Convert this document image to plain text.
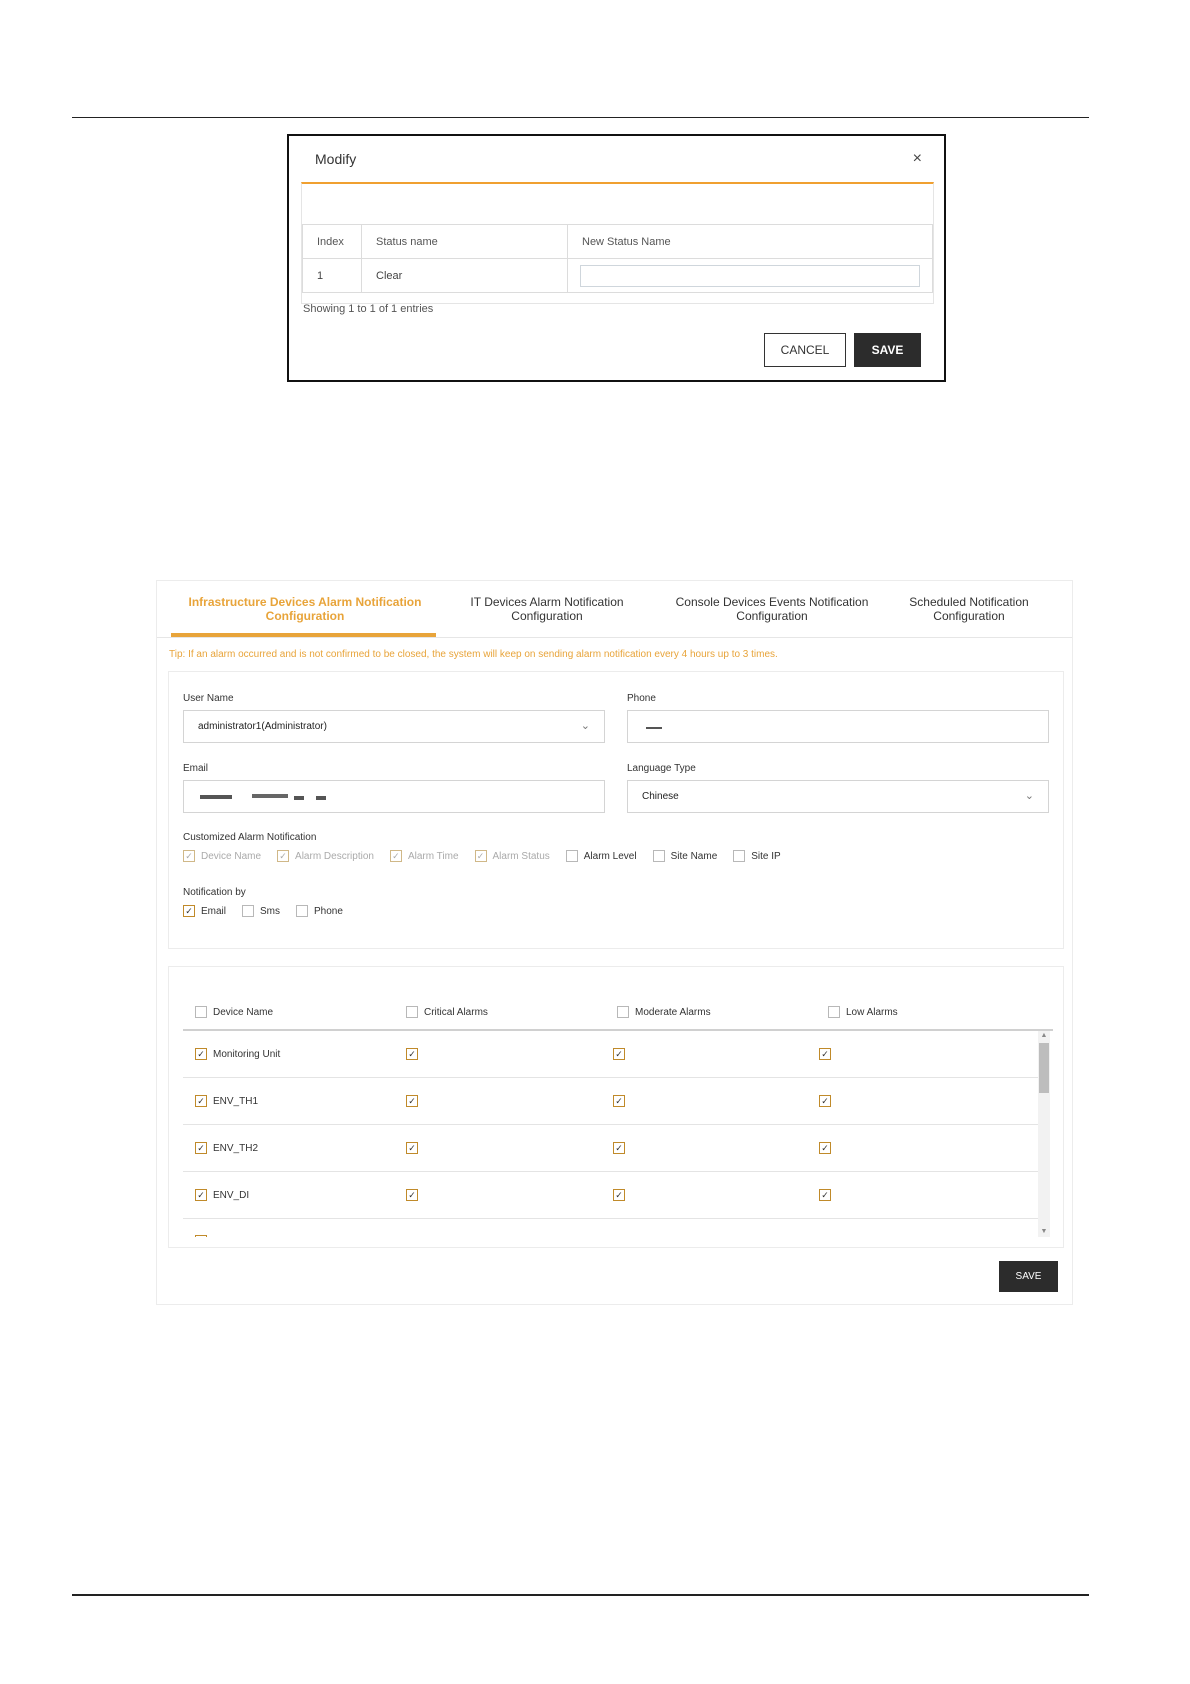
Modify	×
Index	Status name	New Status Name
1	Clear	
Showing 1 to 1 of 1 entries
CANCEL	SAVE
Infrastructure Devices Alarm Notification
Configuration
IT Devices Alarm Notification
Configuration
Console Devices Events Notification
Configuration
Scheduled Notification
Configuration
Tip: If an alarm occurred and is not confirmed to be closed, the system will keep on sending alarm notification every 4 hours up to 3 times.
User Name
administrator1(Administrator)	⌄
Phone
Email	Language Type
Chinese	⌄
Customized Alarm Notification
✓ Device Name ✓ Alarm Description ✓ Alarm Time ✓ Alarm Status	Alarm Level	Site Name	Site IP
Notification by
✓ Email	Sms	Phone
Device Name	Critical Alarms	Moderate Alarms	Low Alarms
✓ Monitoring Unit	✓	✓	✓
✓ ENV_TH1	✓	✓	✓
✓ ENV_TH2	✓	✓	✓
✓ ENV_DI	✓	✓	✓
▲
▼
SAVE
